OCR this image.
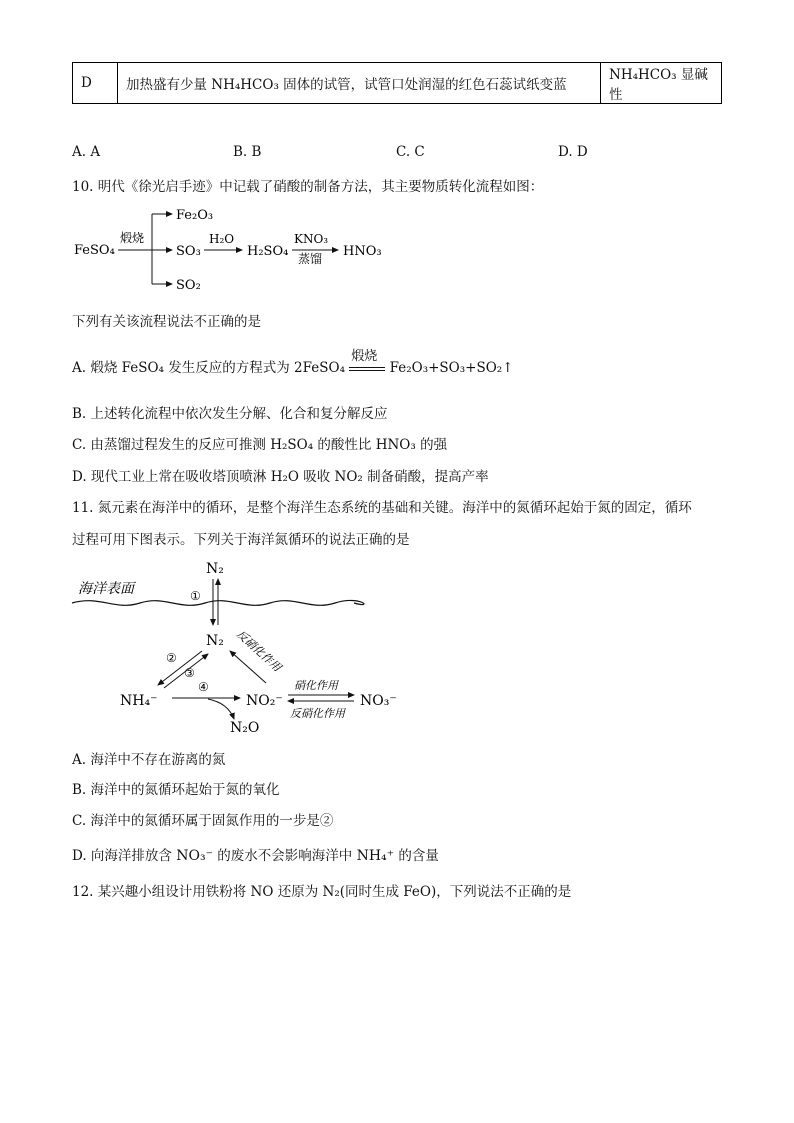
D	加热盛有少量 NH₄HCO₃ 固体的试管，试管口处润湿的红色石蕊试纸变蓝	NH₄HCO₃ 显碱性
A. A	B. B	C. C	D. D
10. 明代《徐光启手迹》中记载了硝酸的制备方法，其主要物质转化流程如图：
FeSO₄
煅烧
Fe₂O₃
SO₃
SO₂
H₂O
H₂SO₄
KNO₃
蒸馏 HNO₃
下列有关该流程说法不正确的是
A. 煅烧 FeSO₄ 发生反应的方程式为 2FeSO₄
煅烧
Fe₂O₃+SO₃+SO₂↑
B. 上述转化流程中依次发生分解、化合和复分解反应
C. 由蒸馏过程发生的反应可推测 H₂SO₄ 的酸性比 HNO₃ 的强
D. 现代工业上常在吸收塔顶喷淋 H₂O 吸收 NO₂ 制备硝酸，提高产率
11. 氮元素在海洋中的循环，是整个海洋生态系统的基础和关键。海洋中的氮循环起始于氮的固定，循环
过程可用下图表示。下列关于海洋氮循环的说法正确的是
海洋表面
N₂
①
N₂
②
③	反硝化作用
NH₄⁻
④
N₂O
NO₂⁻
硝化作用
反硝化作用
NO₃⁻
A. 海洋中不存在游离的氮
B. 海洋中的氮循环起始于氮的氧化
C. 海洋中的氮循环属于固氮作用的一步是②
D. 向海洋排放含 NO₃⁻ 的废水不会影响海洋中 NH₄⁺ 的含量
12. 某兴趣小组设计用铁粉将 NO 还原为 N₂(同时生成 FeO)，下列说法不正确的是
